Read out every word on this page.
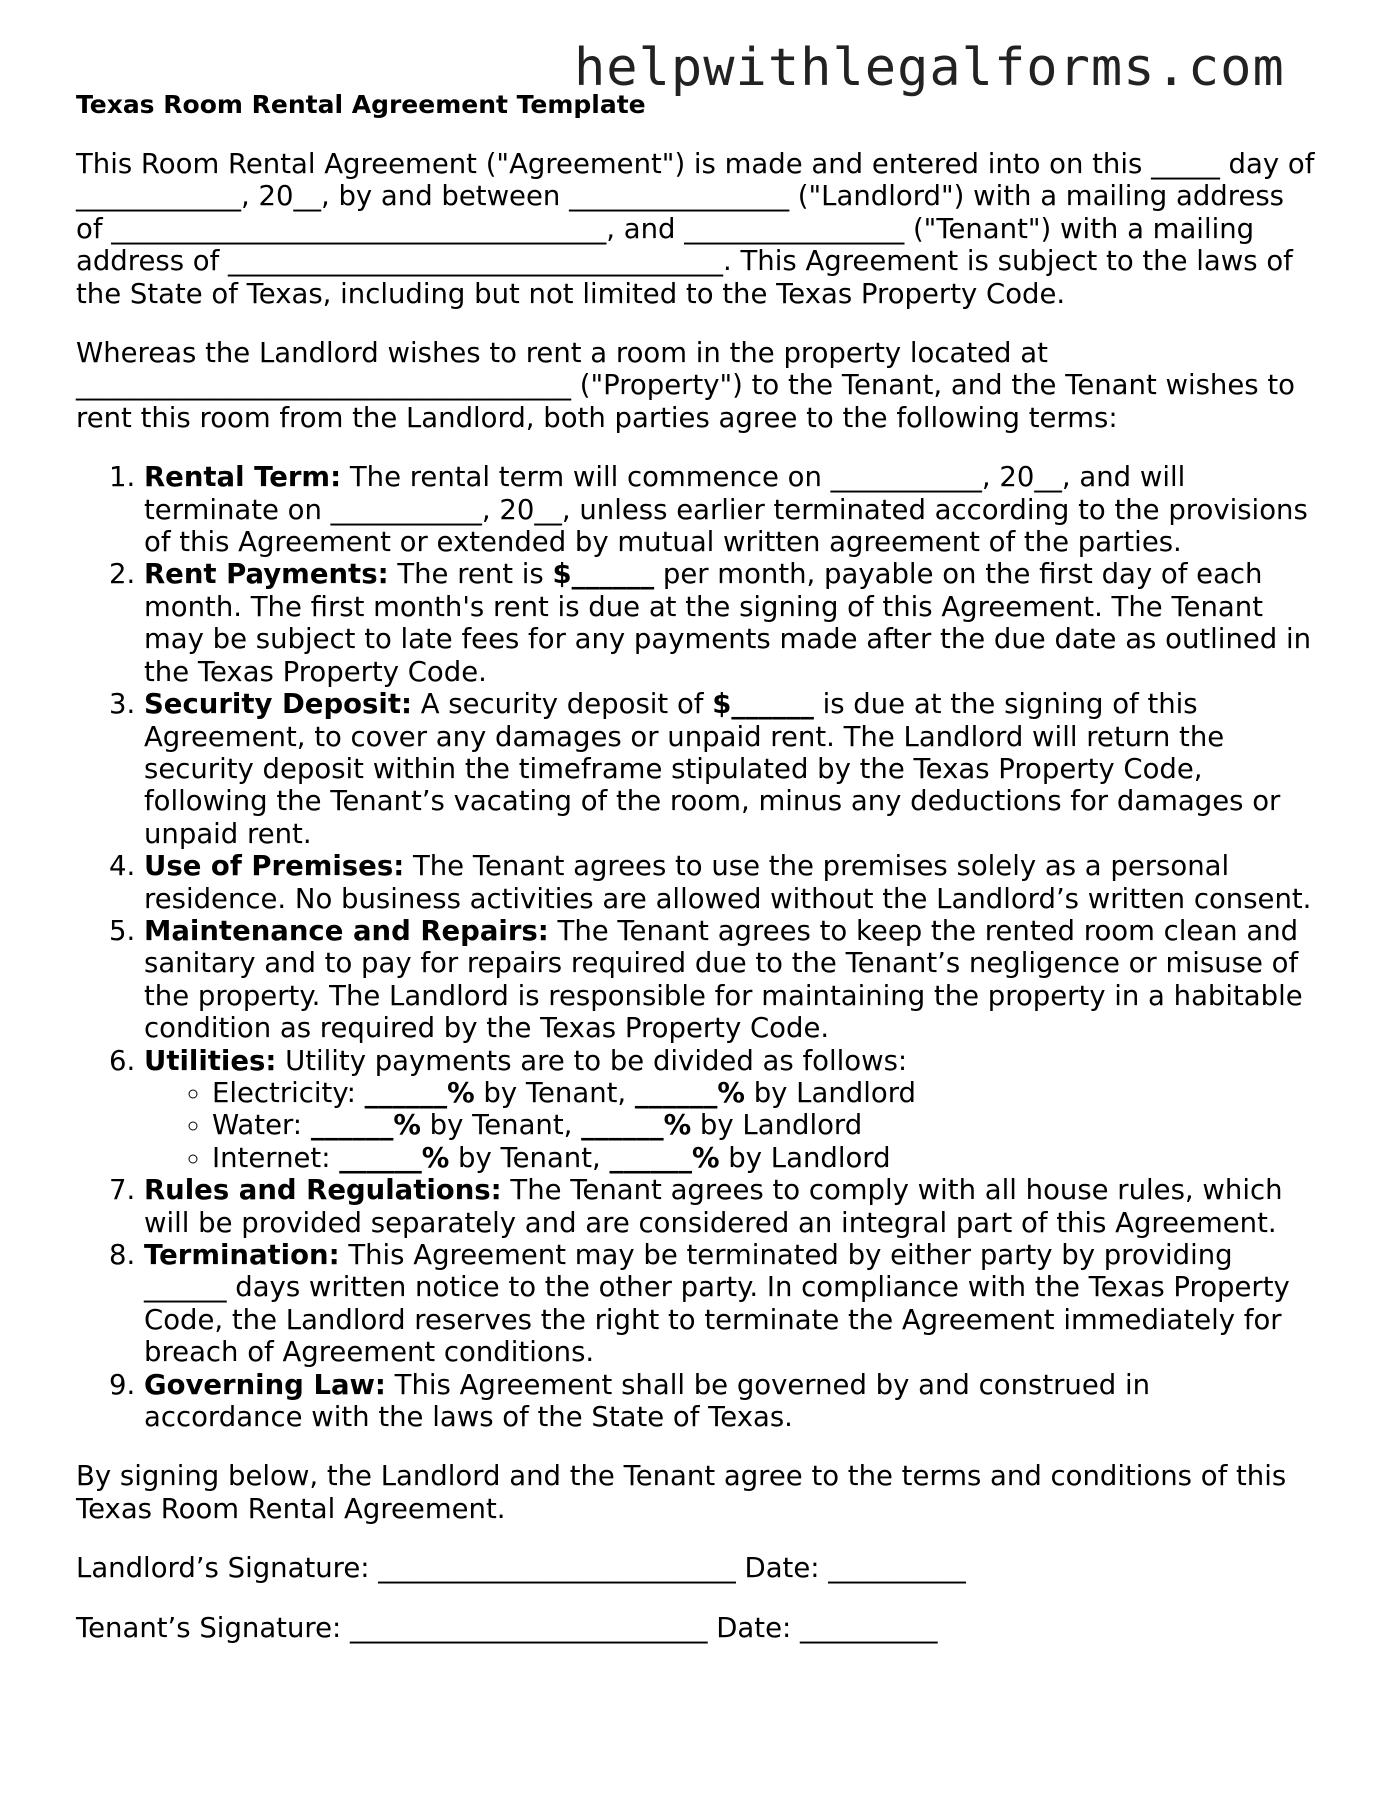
helpwithlegalforms.com
Texas Room Rental Agreement Template

This Room Rental Agreement ("Agreement") is made and entered into on this _____ day of ____________, 20__, by and between ________________ ("Landlord") with a mailing address of ____________________________________, and ________________ ("Tenant") with a mailing address of ____________________________________. This Agreement is subject to the laws of the State of Texas, including but not limited to the Texas Property Code.

Whereas the Landlord wishes to rent a room in the property located at ____________________________________ ("Property") to the Tenant, and the Tenant wishes to rent this room from the Landlord, both parties agree to the following terms:

1. Rental Term: The rental term will commence on ___________, 20__, and will terminate on ___________, 20__, unless earlier terminated according to the provisions of this Agreement or extended by mutual written agreement of the parties.
2. Rent Payments: The rent is $______ per month, payable on the first day of each month. The first month's rent is due at the signing of this Agreement. The Tenant may be subject to late fees for any payments made after the due date as outlined in the Texas Property Code.
3. Security Deposit: A security deposit of $______ is due at the signing of this Agreement, to cover any damages or unpaid rent. The Landlord will return the security deposit within the timeframe stipulated by the Texas Property Code, following the Tenant’s vacating of the room, minus any deductions for damages or unpaid rent.
4. Use of Premises: The Tenant agrees to use the premises solely as a personal residence. No business activities are allowed without the Landlord’s written consent.
5. Maintenance and Repairs: The Tenant agrees to keep the rented room clean and sanitary and to pay for repairs required due to the Tenant’s negligence or misuse of the property. The Landlord is responsible for maintaining the property in a habitable condition as required by the Texas Property Code.
6. Utilities: Utility payments are to be divided as follows:
◦ Electricity: ______% by Tenant, ______% by Landlord
◦ Water: ______% by Tenant, ______% by Landlord
◦ Internet: ______% by Tenant, ______% by Landlord
7. Rules and Regulations: The Tenant agrees to comply with all house rules, which will be provided separately and are considered an integral part of this Agreement.
8. Termination: This Agreement may be terminated by either party by providing ______ days written notice to the other party. In compliance with the Texas Property Code, the Landlord reserves the right to terminate the Agreement immediately for breach of Agreement conditions.
9. Governing Law: This Agreement shall be governed by and construed in accordance with the laws of the State of Texas.

By signing below, the Landlord and the Tenant agree to the terms and conditions of this Texas Room Rental Agreement.

Landlord’s Signature: __________________________ Date: __________
Tenant’s Signature: __________________________ Date: __________
